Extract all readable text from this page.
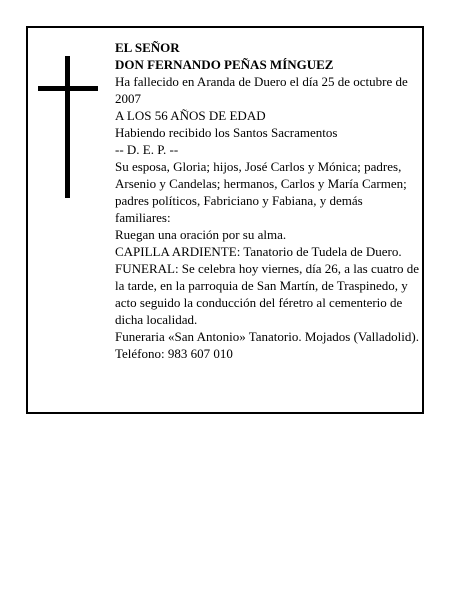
EL SEÑOR

DON FERNANDO PEÑAS MÍNGUEZ

Ha fallecido en Aranda de Duero el día 25 de octubre de 2007

A LOS 56 AÑOS DE EDAD

Habiendo recibido los Santos Sacramentos

-- D. E. P. --

Su esposa, Gloria; hijos, José Carlos y Mónica; padres, Arsenio y Candelas; hermanos, Carlos y María Carmen; padres políticos, Fabriciano y Fabiana, y demás familiares:

Ruegan una oración por su alma.

CAPILLA ARDIENTE: Tanatorio de Tudela de Duero.

FUNERAL: Se celebra hoy viernes, día 26, a las cuatro de la tarde, en la parroquia de San Martín, de Traspinedo, y acto seguido la conducción del féretro al cementerio de dicha localidad.

Funeraria «San Antonio» Tanatorio. Mojados (Valladolid). Teléfono: 983 607 010
